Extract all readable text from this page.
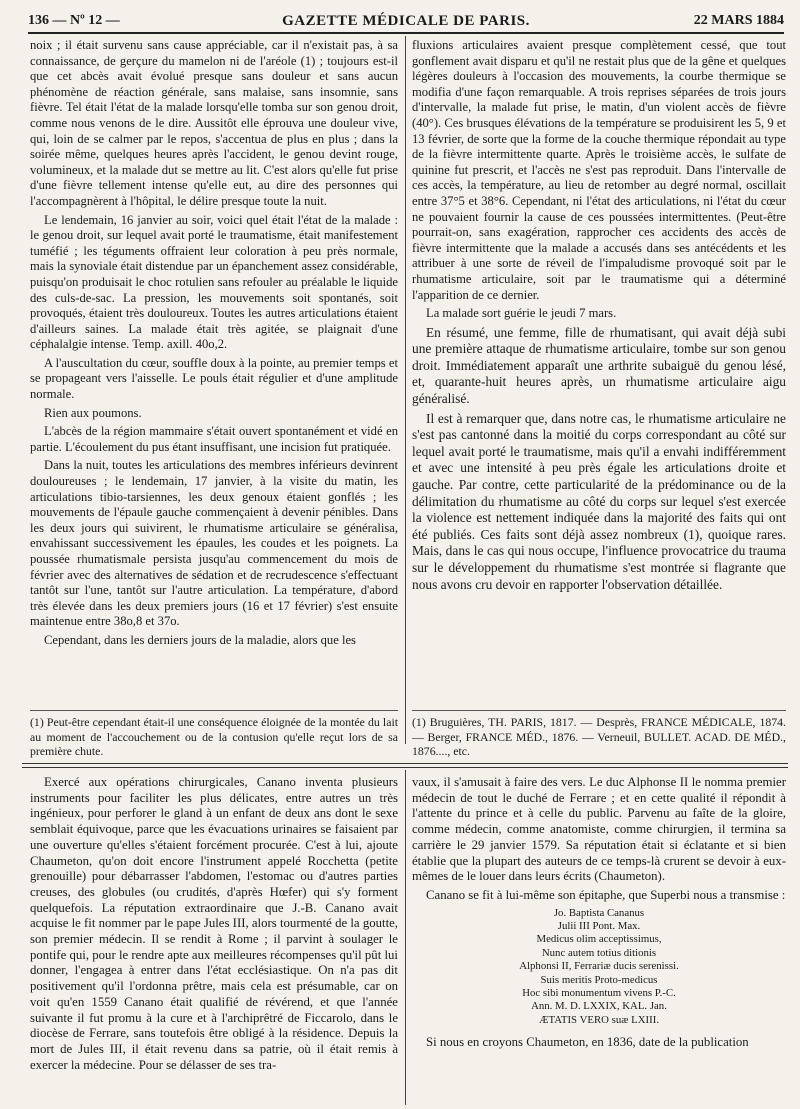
136 — Nº 12 —	GAZETTE MÉDICALE DE PARIS.	22 MARS 1884

noix ; il était survenu sans cause appréciable, car il n'existait pas, à sa connaissance, de gerçure du mamelon ni de l'aréole (1) ; toujours est-il que cet abcès avait évolué presque sans douleur et sans aucun phénomène de réaction générale, sans malaise, sans insomnie, sans fièvre. Tel était l'état de la malade lorsqu'elle tomba sur son genou droit, comme nous venons de le dire. Aussitôt elle éprouva une douleur vive, qui, loin de se calmer par le repos, s'accentua de plus en plus ; dans la soirée même, quelques heures après l'accident, le genou devint rouge, volumineux, et la malade dut se mettre au lit. C'est alors qu'elle fut prise d'une fièvre tellement intense qu'elle eut, au dire des personnes qui l'accompagnèrent à l'hôpital, le délire presque toute la nuit.

Le lendemain, 16 janvier au soir, voici quel était l'état de la malade : le genou droit, sur lequel avait porté le traumatisme, était manifestement tuméfié ; les téguments offraient leur coloration à peu près normale, mais la synoviale était distendue par un épanchement assez considérable, puisqu'on produisait le choc rotulien sans refouler au préalable le liquide des culs-de-sac. La pression, les mouvements soit spontanés, soit provoqués, étaient très douloureux. Toutes les autres articulations étaient d'ailleurs saines. La malade était très agitée, se plaignait d'une céphalalgie intense. Temp. axill. 40o,2.

A l'auscultation du cœur, souffle doux à la pointe, au premier temps et se propageant vers l'aisselle. Le pouls était régulier et d'une amplitude normale.

Rien aux poumons.

L'abcès de la région mammaire s'était ouvert spontanément et vidé en partie. L'écoulement du pus étant insuffisant, une incision fut pratiquée.

Dans la nuit, toutes les articulations des membres inférieurs devinrent douloureuses ; le lendemain, 17 janvier, à la visite du matin, les articulations tibio-tarsiennes, les deux genoux étaient gonflés ; les mouvements de l'épaule gauche commençaient à devenir pénibles. Dans les deux jours qui suivirent, le rhumatisme articulaire se généralisa, envahissant successivement les épaules, les coudes et les poignets. La poussée rhumatismale persista jusqu'au commencement du mois de février avec des alternatives de sédation et de recrudescence s'effectuant tantôt sur l'une, tantôt sur l'autre articulation. La température, d'abord très élevée dans les deux premiers jours (16 et 17 février) s'est ensuite maintenue entre 38o,8 et 37o.

Cependant, dans les derniers jours de la maladie, alors que les

fluxions articulaires avaient presque complètement cessé, que tout gonflement avait disparu et qu'il ne restait plus que de la gêne et quelques légères douleurs à l'occasion des mouvements, la courbe thermique se modifia d'une façon remarquable. A trois reprises séparées de trois jours d'intervalle, la malade fut prise, le matin, d'un violent accès de fièvre (40°). Ces brusques élévations de la température se produisirent les 5, 9 et 13 février, de sorte que la forme de la couche thermique répondait au type de la fièvre intermittente quarte. Après le troisième accès, le sulfate de quinine fut prescrit, et l'accès ne s'est pas reproduit. Dans l'intervalle de ces accès, la température, au lieu de retomber au degré normal, oscillait entre 37°5 et 38°6. Cependant, ni l'état des articulations, ni l'état du cœur ne pouvaient fournir la cause de ces poussées intermittentes. (Peut-être pourrait-on, sans exagération, rapprocher ces accidents des accès de fièvre intermittente que la malade a accusés dans ses antécédents et les attribuer à une sorte de réveil de l'impaludisme provoqué soit par le rhumatisme articulaire, soit par le traumatisme qui a déterminé l'apparition de ce dernier.

La malade sort guérie le jeudi 7 mars.

En résumé, une femme, fille de rhumatisant, qui avait déjà subi une première attaque de rhumatisme articulaire, tombe sur son genou droit. Immédiatement apparaît une arthrite subaiguë du genou lésé, et, quarante-huit heures après, un rhumatisme articulaire aigu généralisé.

Il est à remarquer que, dans notre cas, le rhumatisme articulaire ne s'est pas cantonné dans la moitié du corps correspondant au côté sur lequel avait porté le traumatisme, mais qu'il a envahi indifféremment et avec une intensité à peu près égale les articulations droite et gauche. Par contre, cette particularité de la prédominance ou de la délimitation du rhumatisme au côté du corps sur lequel s'est exercée la violence est nettement indiquée dans la majorité des faits qui ont été publiés. Ces faits sont déjà assez nombreux (1), quoique rares. Mais, dans le cas qui nous occupe, l'influence provocatrice du trauma sur le développement du rhumatisme s'est montrée si flagrante que nous avons cru devoir en rapporter l'observation détaillée.

(1) Peut-être cependant était-il une conséquence éloignée de la montée du lait au moment de l'accouchement ou de la contusion qu'elle reçut lors de sa première chute.
(1) Bruguières, TH. PARIS, 1817. — Desprès, FRANCE MÉDICALE, 1874. — Berger, FRANCE MÉD., 1876. — Verneuil, BULLET. ACAD. DE MÉD., 1876...., etc.

Exercé aux opérations chirurgicales, Canano inventa plusieurs instruments pour faciliter les plus délicates, entre autres un très ingénieux, pour perforer le gland à un enfant de deux ans dont le sexe semblait équivoque, parce que les évacuations urinaires se faisaient par une ouverture qu'elles s'étaient forcément procurée. C'est à lui, ajoute Chaumeton, qu'on doit encore l'instrument appelé Rocchetta (petite grenouille) pour débarrasser l'abdomen, l'estomac ou d'autres parties creuses, des globules (ou crudités, d'après Hœfer) qui s'y forment quelquefois. La réputation extraordinaire que J.-B. Canano avait acquise le fit nommer par le pape Jules III, alors tourmenté de la goutte, son premier médecin. Il se rendit à Rome ; il parvint à soulager le pontife qui, pour le rendre apte aux meilleures récompenses qu'il pût lui donner, l'engagea à entrer dans l'état ecclésiastique. On n'a pas dit positivement qu'il l'ordonna prêtre, mais cela est présumable, car on voit qu'en 1559 Canano était qualifié de révérend, et que l'année suivante il fut promu à la cure et à l'archiprêtré de Ficcarolo, dans le diocèse de Ferrare, sans toutefois être obligé à la résidence. Depuis la mort de Jules III, il était revenu dans sa patrie, où il était remis à exercer la médecine. Pour se délasser de ses tra-

vaux, il s'amusait à faire des vers. Le duc Alphonse II le nomma premier médecin de tout le duché de Ferrare ; et en cette qualité il répondit à l'attente du prince et à celle du public. Parvenu au faîte de la gloire, comme médecin, comme anatomiste, comme chirurgien, il termina sa carrière le 29 janvier 1579. Sa réputation était si éclatante et si bien établie que la plupart des auteurs de ce temps-là crurent se devoir à eux-mêmes de le louer dans leurs écrits (Chaumeton).

Canano se fit à lui-même son épitaphe, que Superbi nous a transmise :

Jo. Baptista Cananus
Julii III Pont. Max.
Medicus olim acceptissimus,
Nunc autem totius ditionis
Alphonsi II, Ferrariæ ducis serenissi.
Suis meritis Proto-medicus
Hoc sibi monumentum vivens P.-C.
Ann. M. D. LXXIX, KAL. Jan.
ÆTATIS VERO suæ LXIII.

Si nous en croyons Chaumeton, en 1836, date de la publication
